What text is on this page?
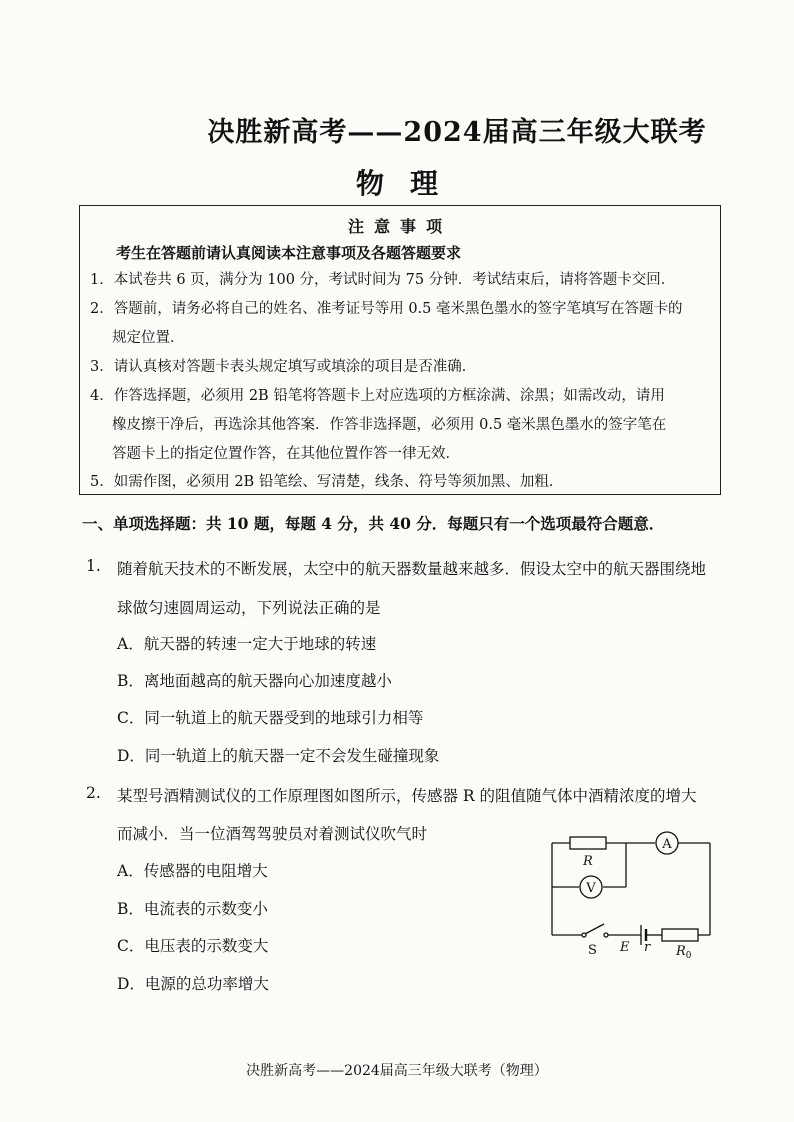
决胜新高考——2024届高三年级大联考
物理
注意事项
考生在答题前请认真阅读本注意事项及各题答题要求
1．本试卷共 6 页，满分为 100 分，考试时间为 75 分钟．考试结束后，请将答题卡交回．
2．答题前，请务必将自己的姓名、准考证号等用 0.5 毫米黑色墨水的签字笔填写在答题卡的
规定位置．
3．请认真核对答题卡表头规定填写或填涂的项目是否准确．
4．作答选择题，必须用 2B 铅笔将答题卡上对应选项的方框涂满、涂黑；如需改动，请用
橡皮擦干净后，再选涂其他答案．作答非选择题，必须用 0.5 毫米黑色墨水的签字笔在
答题卡上的指定位置作答，在其他位置作答一律无效．
5．如需作图，必须用 2B 铅笔绘、写清楚，线条、符号等须加黑、加粗．
一、单项选择题：共 10 题，每题 4 分，共 40 分．每题只有一个选项最符合题意．
1. 随着航天技术的不断发展，太空中的航天器数量越来越多．假设太空中的航天器围绕地
球做匀速圆周运动，下列说法正确的是
A．航天器的转速一定大于地球的转速
B．离地面越高的航天器向心加速度越小
C．同一轨道上的航天器受到的地球引力相等
D．同一轨道上的航天器一定不会发生碰撞现象
2. 某型号酒精测试仪的工作原理图如图所示，传感器 R 的阻值随气体中酒精浓度的增大
而减小．当一位酒驾驾驶员对着测试仪吹气时
A．传感器的电阻增大
B．电流表的示数变小
C．电压表的示数变大
D．电源的总功率增大
R
A
V
S E r $R_0$
决胜新高考——2024届高三年级大联考（物理）
